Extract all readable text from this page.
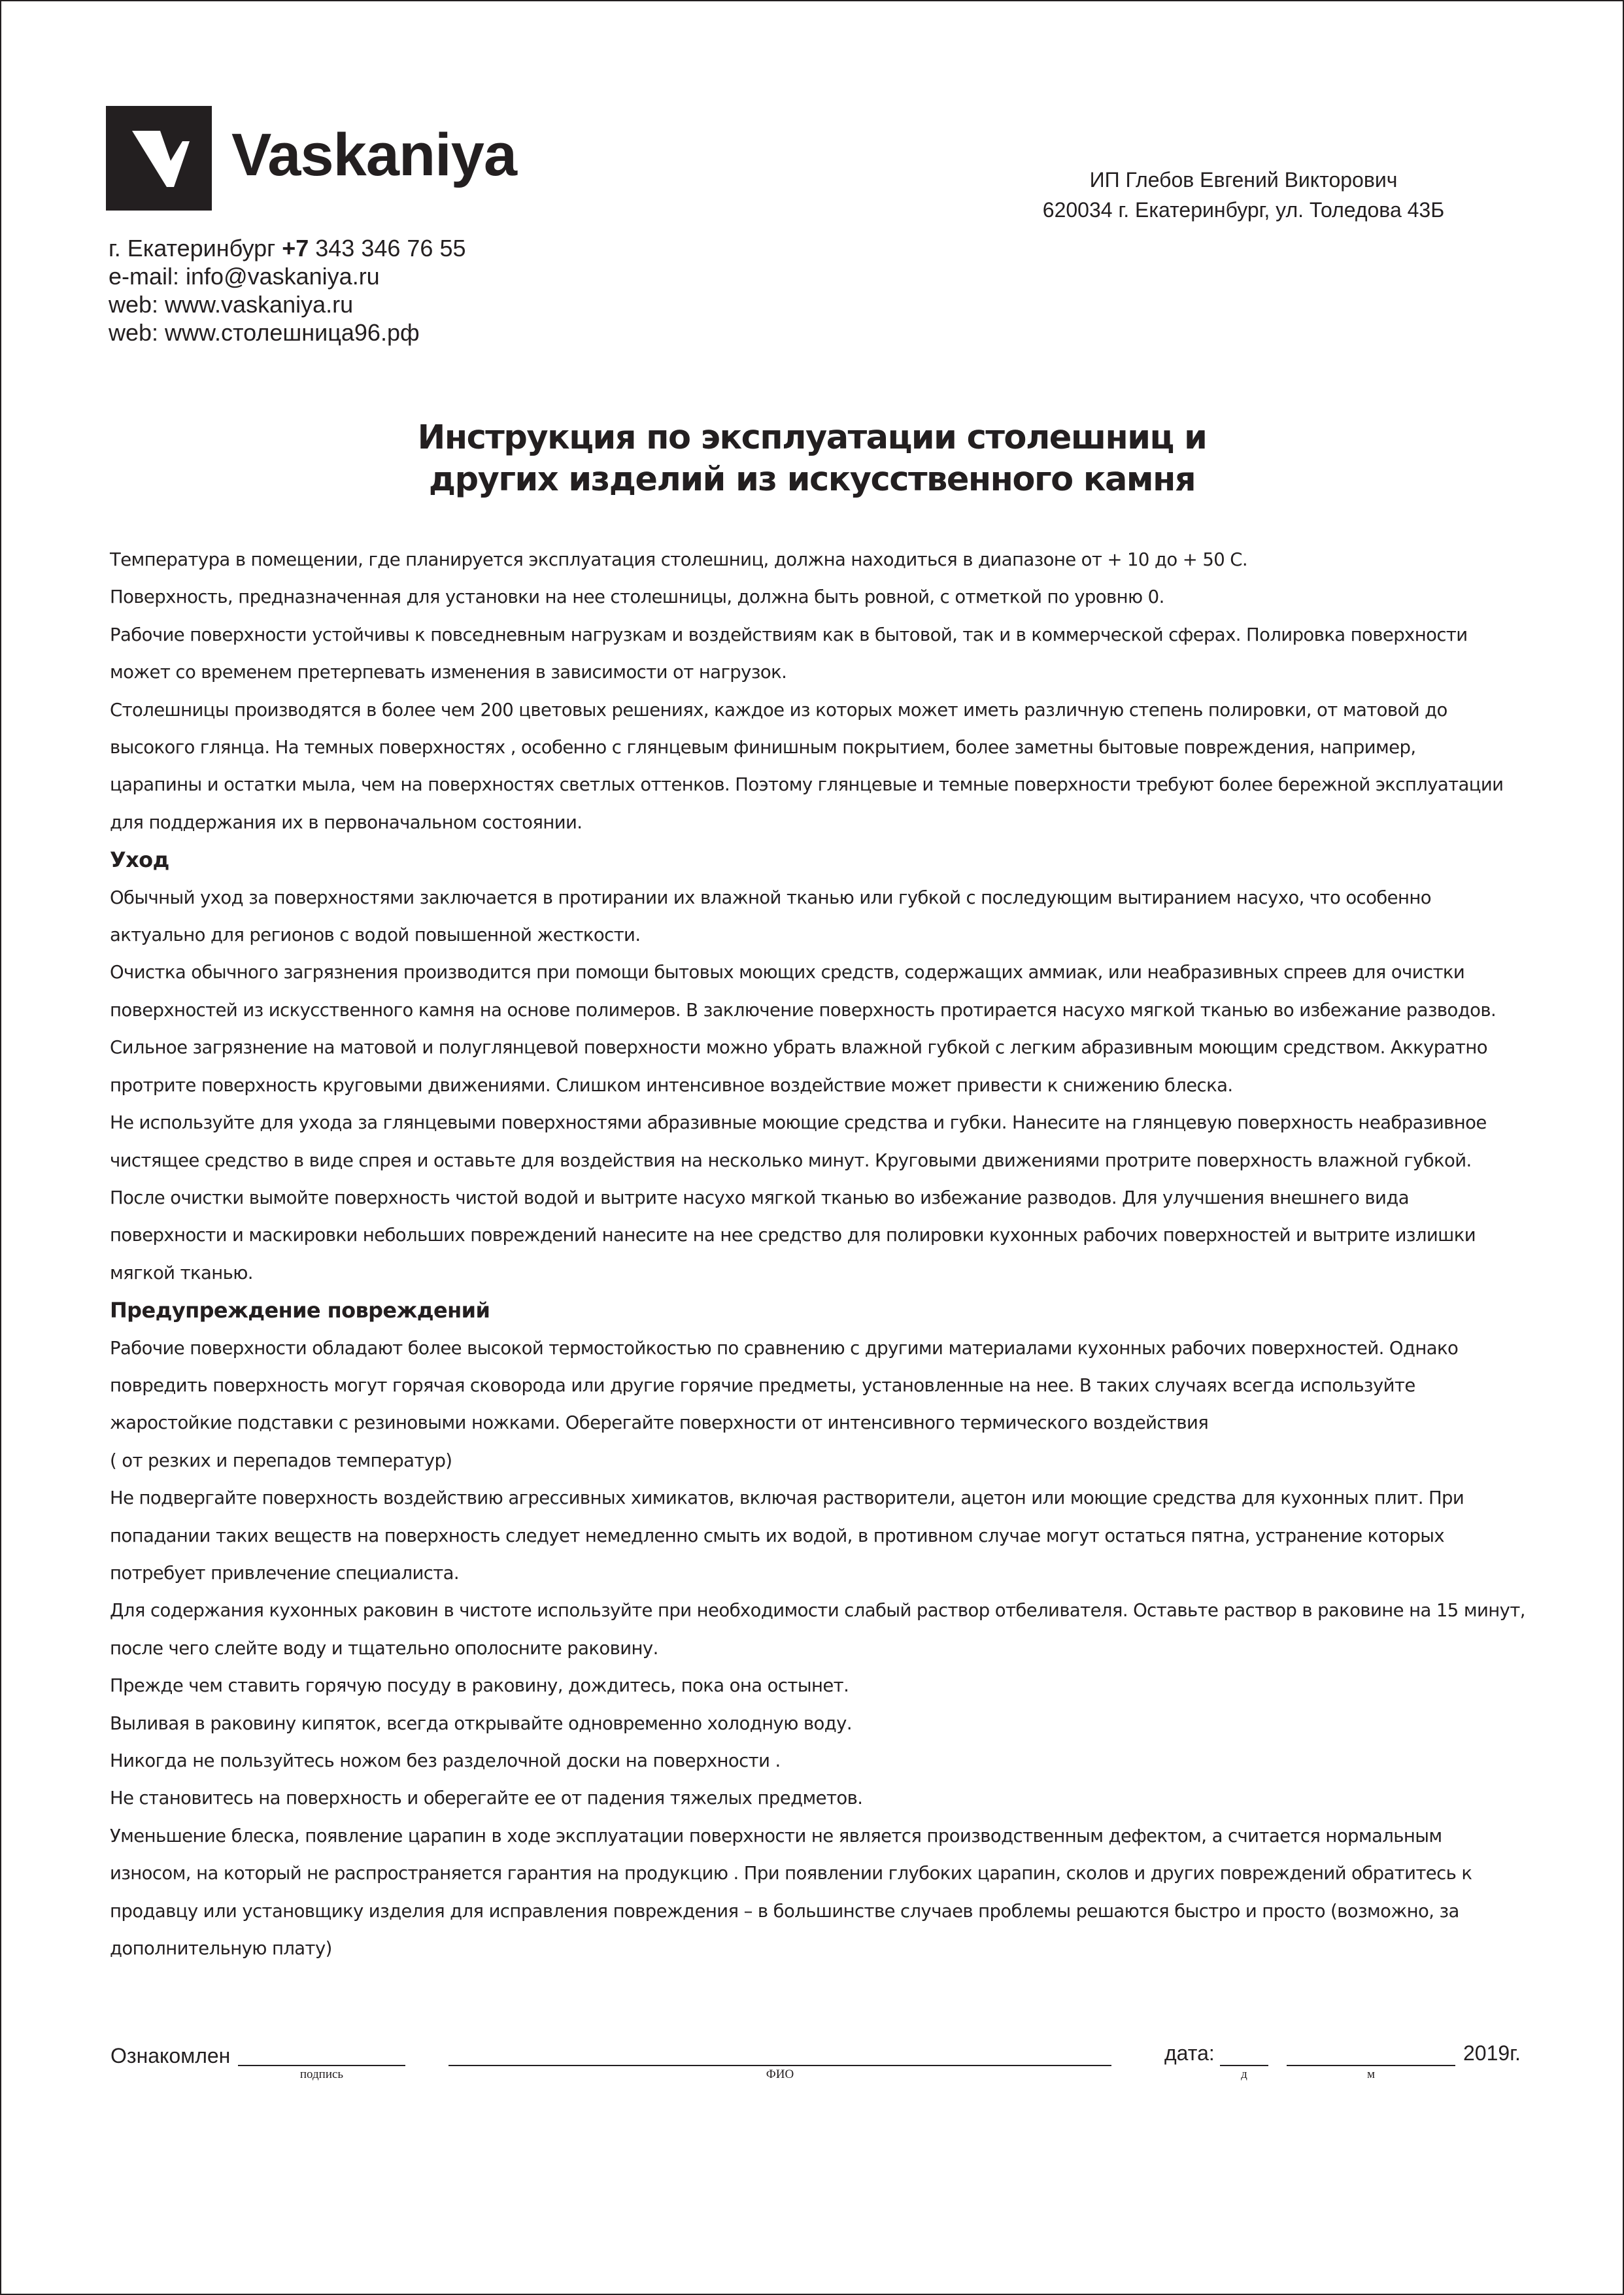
Vaskaniya
г. Екатеринбург +7 343 346 76 55
e-mail: info@vaskaniya.ru
web: www.vaskaniya.ru
web: www.столешница96.рф
ИП Глебов Евгений Викторович
620034 г. Екатеринбург, ул. Толедова 43Б
Инструкция по эксплуатации столешниц и
других изделий из искусственного камня
Температура в помещении, где планируется эксплуатация столешниц, должна находиться в диапазоне от + 10 до + 50 С.
Поверхность, предназначенная для установки на нее столешницы, должна быть ровной, с отметкой по уровню 0.
Рабочие поверхности устойчивы к повседневным нагрузкам и воздействиям как в бытовой, так и в коммерческой сферах. Полировка поверхности
может со временем претерпевать изменения в зависимости от нагрузок.
Столешницы производятся в более чем 200 цветовых решениях, каждое из которых может иметь различную степень полировки, от матовой до
высокого глянца. На темных поверхностях , особенно с глянцевым финишным покрытием, более заметны бытовые повреждения, например,
царапины и остатки мыла, чем на поверхностях светлых оттенков. Поэтому глянцевые и темные поверхности требуют более бережной эксплуатации
для поддержания их в первоначальном состоянии.
Уход
Обычный уход за поверхностями заключается в протирании их влажной тканью или губкой с последующим вытиранием насухо, что особенно
актуально для регионов с водой повышенной жесткости.
Очистка обычного загрязнения производится при помощи бытовых моющих средств, содержащих аммиак, или неабразивных спреев для очистки
поверхностей из искусственного камня на основе полимеров. В заключение поверхность протирается насухо мягкой тканью во избежание разводов.
Сильное загрязнение на матовой и полуглянцевой поверхности можно убрать влажной губкой с легким абразивным моющим средством. Аккуратно
протрите поверхность круговыми движениями. Слишком интенсивное воздействие может привести к снижению блеска.
Не используйте для ухода за глянцевыми поверхностями абразивные моющие средства и губки. Нанесите на глянцевую поверхность неабразивное
чистящее средство в виде спрея и оставьте для воздействия на несколько минут. Круговыми движениями протрите поверхность влажной губкой.
После очистки вымойте поверхность чистой водой и вытрите насухо мягкой тканью во избежание разводов. Для улучшения внешнего вида
поверхности и маскировки небольших повреждений нанесите на нее средство для полировки кухонных рабочих поверхностей и вытрите излишки
мягкой тканью.
Предупреждение повреждений
Рабочие поверхности обладают более высокой термостойкостью по сравнению с другими материалами кухонных рабочих поверхностей. Однако
повредить поверхность могут горячая сковорода или другие горячие предметы, установленные на нее. В таких случаях всегда используйте
жаростойкие подставки с резиновыми ножками. Оберегайте поверхности от интенсивного термического воздействия
( от резких и перепадов температур)
Не подвергайте поверхность воздействию агрессивных химикатов, включая растворители, ацетон или моющие средства для кухонных плит. При
попадании таких веществ на поверхность следует немедленно смыть их водой, в противном случае могут остаться пятна, устранение которых
потребует привлечение специалиста.
Для содержания кухонных раковин в чистоте используйте при необходимости слабый раствор отбеливателя. Оставьте раствор в раковине на 15 минут,
после чего слейте воду и тщательно ополосните раковину.
Прежде чем ставить горячую посуду в раковину, дождитесь, пока она остынет.
Выливая в раковину кипяток, всегда открывайте одновременно холодную воду.
Никогда не пользуйтесь ножом без разделочной доски на поверхности .
Не становитесь на поверхность и оберегайте ее от падения тяжелых предметов.
Уменьшение блеска, появление царапин в ходе эксплуатации поверхности не является производственным дефектом, а считается нормальным
износом, на который не распространяется гарантия на продукцию . При появлении глубоких царапин, сколов и других повреждений обратитесь к
продавцу или установщику изделия для исправления повреждения – в большинстве случаев проблемы решаются быстро и просто (возможно, за
дополнительную плату)
Ознакомлен
подпись	ФИО
дата:
д	м
2019г.
